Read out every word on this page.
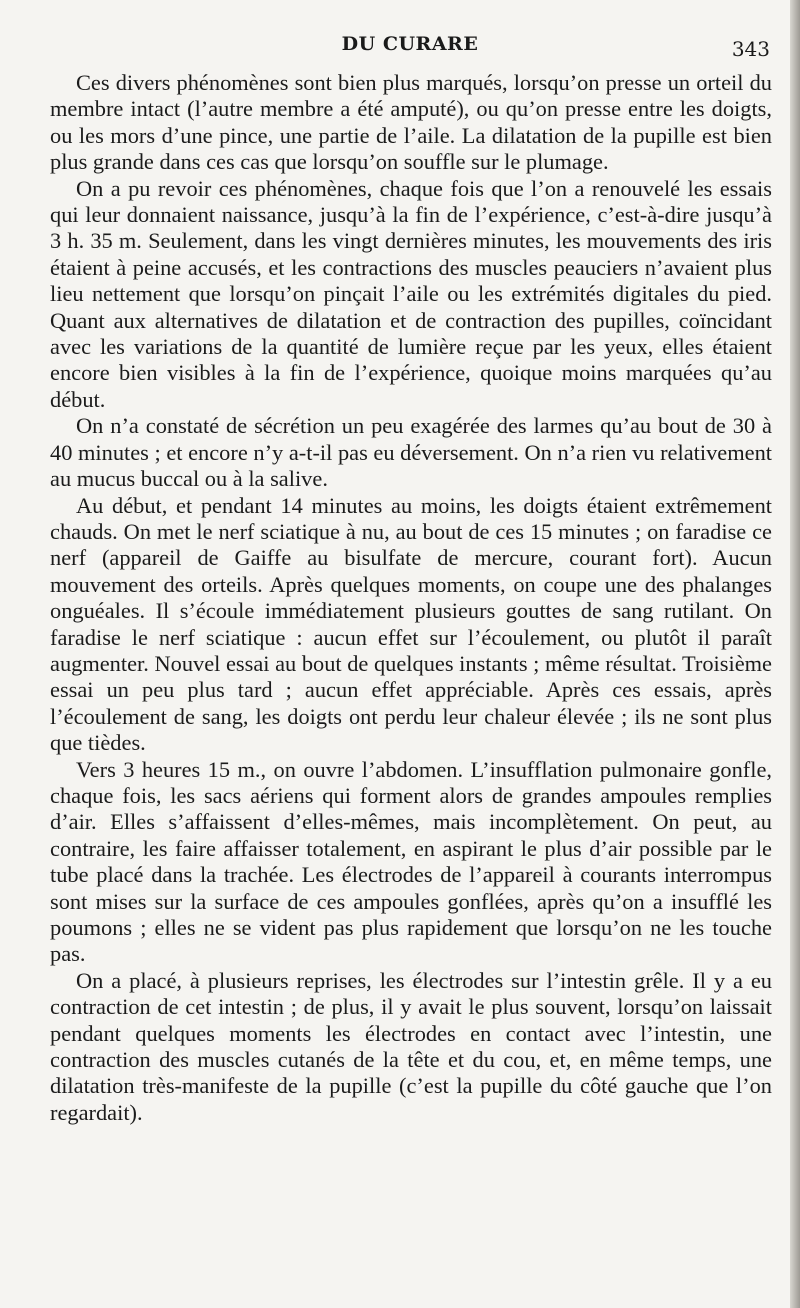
DU CURARE	343

Ces divers phénomènes sont bien plus marqués, lorsqu’on presse un orteil du membre intact (l’autre membre a été amputé), ou qu’on presse entre les doigts, ou les mors d’une pince, une partie de l’aile. La dilatation de la pupille est bien plus grande dans ces cas que lorsqu’on souffle sur le plumage.

On a pu revoir ces phénomènes, chaque fois que l’on a renouvelé les essais qui leur donnaient naissance, jusqu’à la fin de l’expérience, c’est-à-dire jusqu’à 3 h. 35 m. Seulement, dans les vingt dernières minutes, les mouvements des iris étaient à peine accusés, et les contractions des muscles peauciers n’avaient plus lieu nettement que lorsqu’on pinçait l’aile ou les extrémités digitales du pied. Quant aux alternatives de dilatation et de contraction des pupilles, coïncidant avec les variations de la quantité de lumière reçue par les yeux, elles étaient encore bien visibles à la fin de l’expérience, quoique moins marquées qu’au début.

On n’a constaté de sécrétion un peu exagérée des larmes qu’au bout de 30 à 40 minutes ; et encore n’y a-t-il pas eu déversement. On n’a rien vu relativement au mucus buccal ou à la salive.

Au début, et pendant 14 minutes au moins, les doigts étaient extrêmement chauds. On met le nerf sciatique à nu, au bout de ces 15 minutes ; on faradise ce nerf (appareil de Gaiffe au bisulfate de mercure, courant fort). Aucun mouvement des orteils. Après quelques moments, on coupe une des phalanges onguéales. Il s’écoule immédiatement plusieurs gouttes de sang rutilant. On faradise le nerf sciatique : aucun effet sur l’écoulement, ou plutôt il paraît augmenter. Nouvel essai au bout de quelques instants ; même résultat. Troisième essai un peu plus tard ; aucun effet appréciable. Après ces essais, après l’écoulement de sang, les doigts ont perdu leur chaleur élevée ; ils ne sont plus que tièdes.

Vers 3 heures 15 m., on ouvre l’abdomen. L’insufflation pulmonaire gonfle, chaque fois, les sacs aériens qui forment alors de grandes ampoules remplies d’air. Elles s’affaissent d’elles-mêmes, mais incomplètement. On peut, au contraire, les faire affaisser totalement, en aspirant le plus d’air possible par le tube placé dans la trachée. Les électrodes de l’appareil à courants interrompus sont mises sur la surface de ces ampoules gonflées, après qu’on a insufflé les poumons ; elles ne se vident pas plus rapidement que lorsqu’on ne les touche pas.

On a placé, à plusieurs reprises, les électrodes sur l’intestin grêle. Il y a eu contraction de cet intestin ; de plus, il y avait le plus souvent, lorsqu’on laissait pendant quelques moments les électrodes en contact avec l’intestin, une contraction des muscles cutanés de la tête et du cou, et, en même temps, une dilatation très-manifeste de la pupille (c’est la pupille du côté gauche que l’on regardait).
